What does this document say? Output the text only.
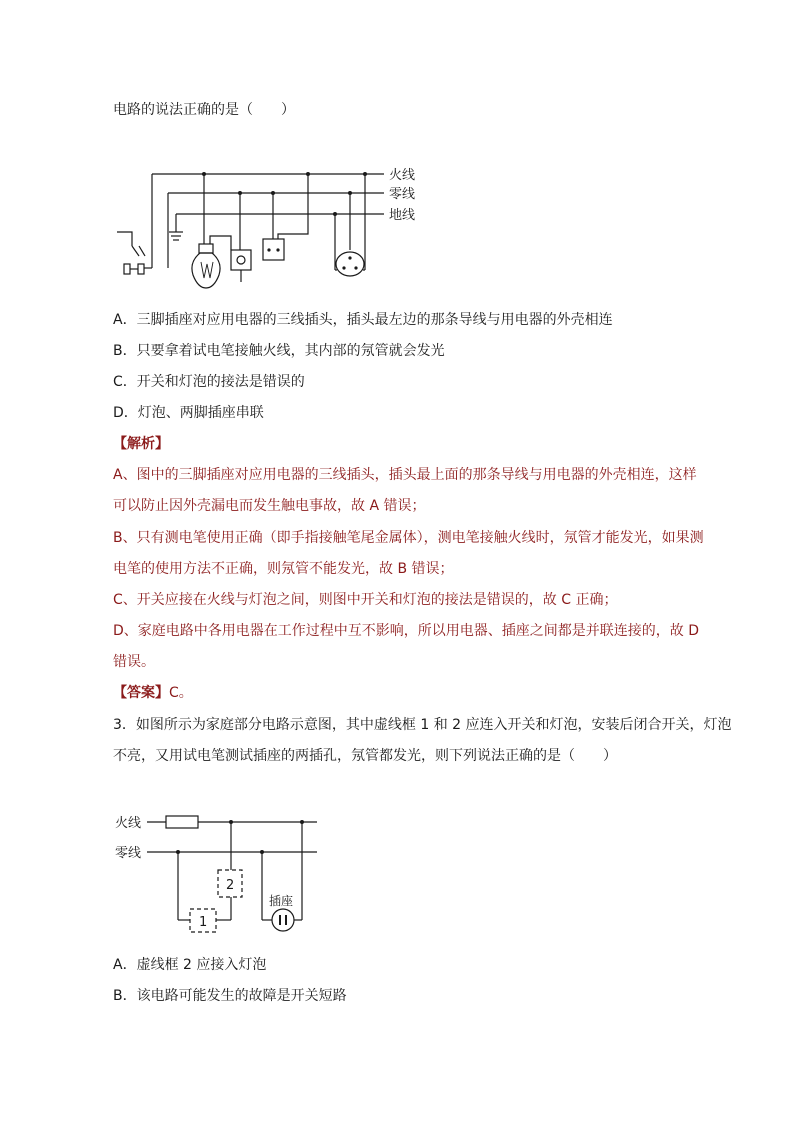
电路的说法正确的是（　　）
火线
零线
地线
A．三脚插座对应用电器的三线插头，插头最左边的那条导线与用电器的外壳相连
B．只要拿着试电笔接触火线，其内部的氖管就会发光
C．开关和灯泡的接法是错误的
D．灯泡、两脚插座串联
【解析】
A、图中的三脚插座对应用电器的三线插头，插头最上面的那条导线与用电器的外壳相连，这样
可以防止因外壳漏电而发生触电事故，故 A 错误；
B、只有测电笔使用正确（即手指接触笔尾金属体），测电笔接触火线时，氖管才能发光，如果测
电笔的使用方法不正确，则氖管不能发光，故 B 错误；
C、开关应接在火线与灯泡之间，则图中开关和灯泡的接法是错误的，故 C 正确；
D、家庭电路中各用电器在工作过程中互不影响，所以用电器、插座之间都是并联连接的，故 D
错误。
【答案】C。
3．如图所示为家庭部分电路示意图，其中虚线框 1 和 2 应连入开关和灯泡，安装后闭合开关，灯泡
不亮，又用试电笔测试插座的两插孔，氖管都发光，则下列说法正确的是（　　）
火线
零线
2
1
插座
A．虚线框 2 应接入灯泡
B．该电路可能发生的故障是开关短路
